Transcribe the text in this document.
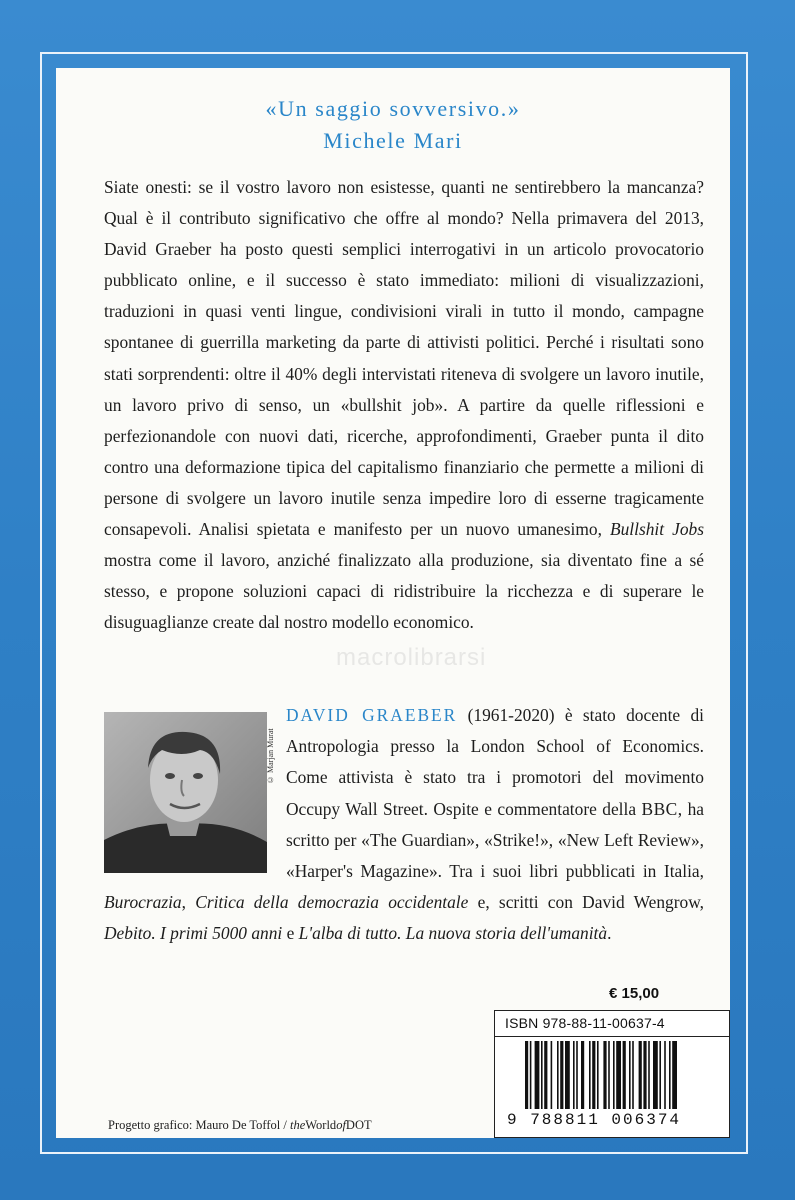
«Un saggio sovversivo.»
Michele Mari

Siate onesti: se il vostro lavoro non esistesse, quanti ne sentirebbero la mancanza? Qual è il contributo significativo che offre al mondo? Nella primavera del 2013, David Graeber ha posto questi semplici interrogativi in un articolo provocatorio pubblicato online, e il successo è stato immediato: milioni di visualizzazioni, traduzioni in quasi venti lingue, condivisioni virali in tutto il mondo, campagne spontanee di guerrilla marketing da parte di attivisti politici. Perché i risultati sono stati sorprendenti: oltre il 40% degli intervistati riteneva di svolgere un lavoro inutile, un lavoro privo di senso, un «bullshit job». A partire da quelle riflessioni e perfezionandole con nuovi dati, ricerche, approfondimenti, Graeber punta il dito contro una deformazione tipica del capitalismo finanziario che permette a milioni di persone di svolgere un lavoro inutile senza impedire loro di esserne tragicamente consapevoli. Analisi spietata e manifesto per un nuovo umanesimo, Bullshit Jobs mostra come il lavoro, anziché finalizzato alla produzione, sia diventato fine a sé stesso, e propone soluzioni capaci di ridistribuire la ricchezza e di superare le disuguaglianze create dal nostro modello economico.

© Marjan Murat
DAVID GRAEBER (1961-2020) è stato docente di Antropologia presso la London School of Economics. Come attivista è stato tra i promotori del movimento Occupy Wall Street. Ospite e commentatore della BBC, ha scritto per «The Guardian», «Strike!», «New Left Review», «Harper's Magazine». Tra i suoi libri pubblicati in Italia, Burocrazia, Critica della democrazia occidentale e, scritti con David Wengrow, Debito. I primi 5000 anni e L'alba di tutto. La nuova storia dell'umanità.
macrolibrarsi
€ 15,00
ISBN 978-88-11-00637-4
9 788811 006374
Progetto grafico: Mauro De Toffol / theWorldofDOT
